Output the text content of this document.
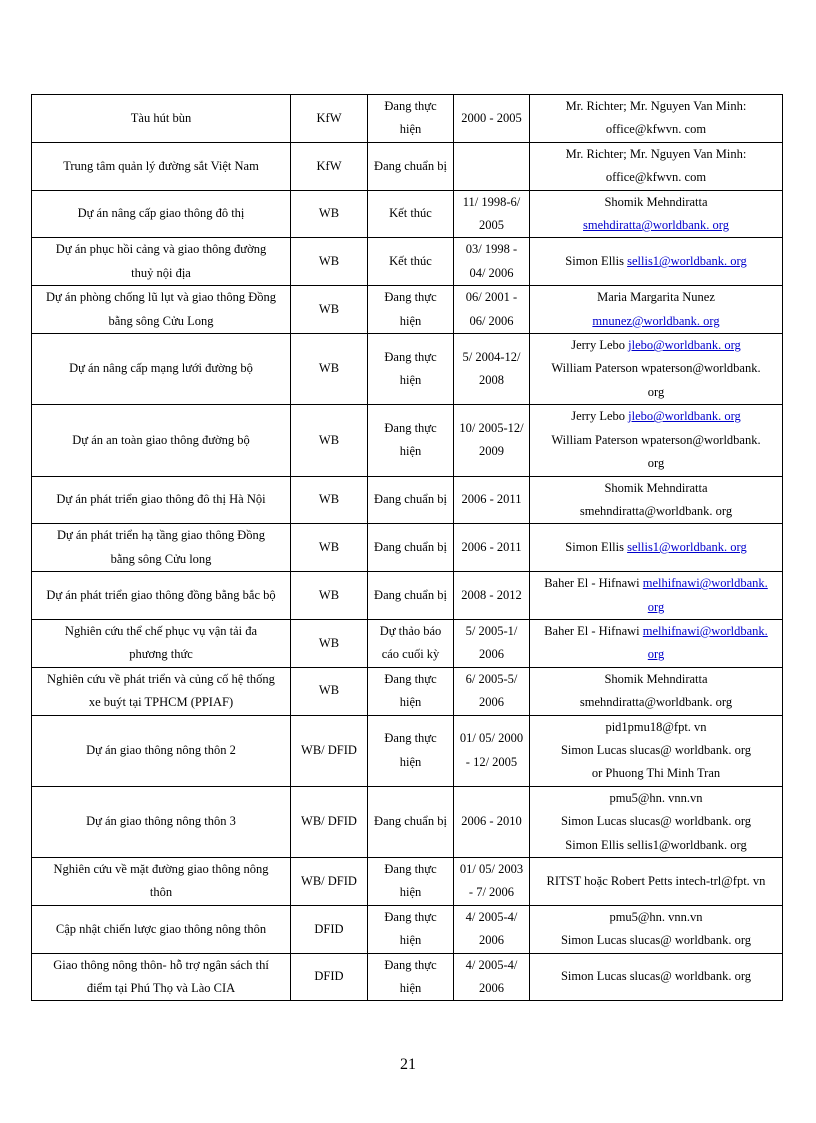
Tàu hút bùn	KfW	Đang thực
hiện	2000 - 2005	Mr. Richter; Mr. Nguyen Van Minh:
office@kfwvn. com

Trung tâm quản lý đường sắt Việt Nam	KfW	Đang chuẩn bị		Mr. Richter; Mr. Nguyen Van Minh:
office@kfwvn. com

Dự án nâng cấp giao thông đô thị	WB	Kết thúc	11/ 1998-6/
2005	Shomik Mehndiratta
smehdiratta@worldbank. org

Dự án phục hồi cảng và giao thông đường
thuỷ nội địa	WB	Kết thúc	03/ 1998 -
04/ 2006	Simon Ellis sellis1@worldbank. org

Dự án phòng chống lũ lụt và giao thông Đồng
bằng sông Cửu Long	WB	Đang thực
hiện	06/ 2001 -
06/ 2006	Maria Margarita Nunez
mnunez@worldbank. org

Dự án nâng cấp mạng lưới đường bộ	WB	Đang thực
hiện	5/ 2004-12/
2008	Jerry Lebo jlebo@worldbank. org
William Paterson wpaterson@worldbank.
org

Dự án an toàn giao thông đường bộ	WB	Đang thực
hiện	10/ 2005-12/
2009	Jerry Lebo jlebo@worldbank. org
William Paterson wpaterson@worldbank.
org

Dự án phát triển giao thông đô thị Hà Nội	WB	Đang chuẩn bị	2006 - 2011	Shomik Mehndiratta
smehndiratta@worldbank. org

Dự án phát triển hạ tầng giao thông Đồng
bằng sông Cửu long	WB	Đang chuẩn bị	2006 - 2011	Simon Ellis sellis1@worldbank. org

Dự án phát triển giao thông đồng bằng bắc bộ	WB	Đang chuẩn bị	2008 - 2012	Baher El - Hifnawi melhifnawi@worldbank.
org

Nghiên cứu thể chế phục vụ vận tải đa
phương thức	WB	Dự thảo báo
cáo cuối kỳ	5/ 2005-1/
2006	Baher El - Hifnawi melhifnawi@worldbank.
org

Nghiên cứu về phát triển và củng cố hệ thống
xe buýt tại TPHCM (PPIAF)	WB	Đang thực
hiện	6/ 2005-5/
2006	Shomik Mehndiratta
smehndiratta@worldbank. org

Dự án giao thông nông thôn 2	WB/ DFID	Đang thực
hiện	01/ 05/ 2000
- 12/ 2005	pid1pmu18@fpt. vn
Simon Lucas slucas@ worldbank. org
or Phuong Thi Minh Tran

Dự án giao thông nông thôn 3	WB/ DFID	Đang chuẩn bị	2006 - 2010	pmu5@hn. vnn.vn
Simon Lucas slucas@ worldbank. org
Simon Ellis sellis1@worldbank. org

Nghiên cứu về mặt đường giao thông nông
thôn	WB/ DFID	Đang thực
hiện	01/ 05/ 2003
- 7/ 2006	RITST hoặc Robert Petts intech-trl@fpt. vn

Cập nhật chiến lược giao thông nông thôn	DFID	Đang thực
hiện	4/ 2005-4/
2006	pmu5@hn. vnn.vn
Simon Lucas slucas@ worldbank. org

Giao thông nông thôn- hỗ trợ ngân sách thí
điểm tại Phú Thọ và Lào CIA	DFID	Đang thực
hiện	4/ 2005-4/
2006	Simon Lucas slucas@ worldbank. org
21
